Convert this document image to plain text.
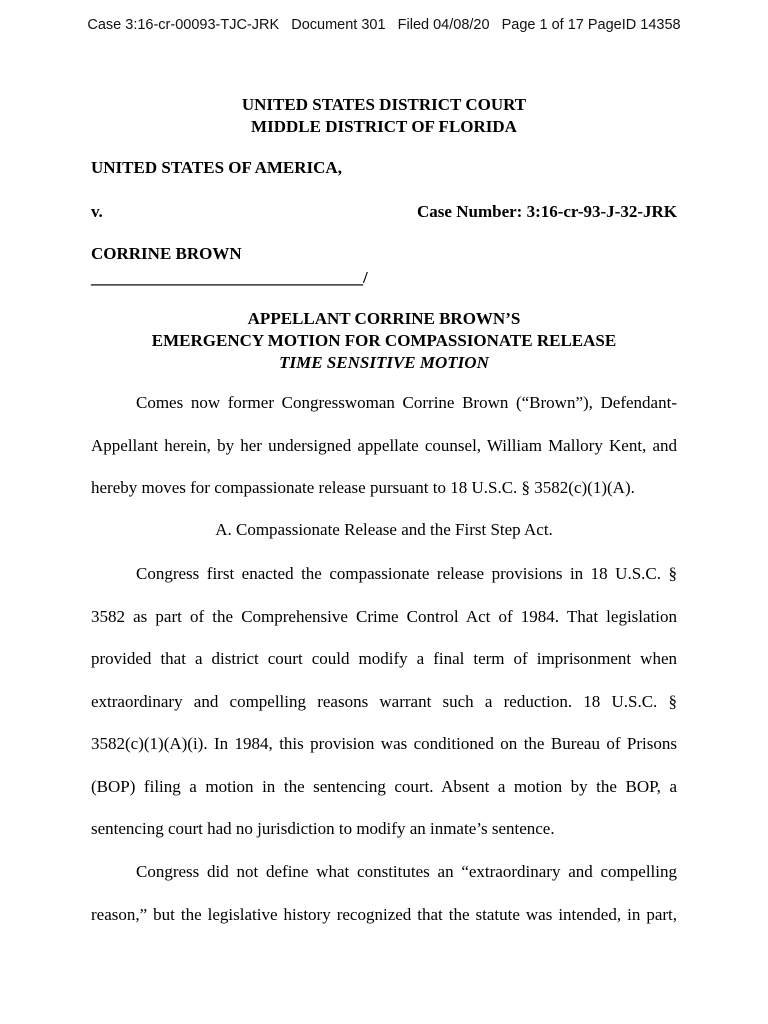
Case 3:16-cr-00093-TJC-JRK   Document 301   Filed 04/08/20   Page 1 of 17 PageID 14358
UNITED STATES DISTRICT COURT
MIDDLE DISTRICT OF FLORIDA
UNITED STATES OF AMERICA,
v.	Case Number: 3:16-cr-93-J-32-JRK
CORRINE BROWN
________________________________/
APPELLANT CORRINE BROWN’S
EMERGENCY MOTION FOR COMPASSIONATE RELEASE
TIME SENSITIVE MOTION
Comes now former Congresswoman Corrine Brown (“Brown”), Defendant-
Appellant herein, by her undersigned appellate counsel, William Mallory Kent, and
hereby moves for compassionate release pursuant to 18 U.S.C. § 3582(c)(1)(A).
A. Compassionate Release and the First Step Act.
Congress first enacted the compassionate release provisions in 18 U.S.C. §
3582 as part of the Comprehensive Crime Control Act of 1984. That legislation
provided that a district court could modify a final term of imprisonment when
extraordinary and compelling reasons warrant such a reduction. 18 U.S.C. §
3582(c)(1)(A)(i). In 1984, this provision was conditioned on the Bureau of Prisons
(BOP) filing a motion in the sentencing court. Absent a motion by the BOP, a
sentencing court had no jurisdiction to modify an inmate’s sentence.
Congress did not define what constitutes an “extraordinary and compelling
reason,” but the legislative history recognized that the statute was intended, in part,
